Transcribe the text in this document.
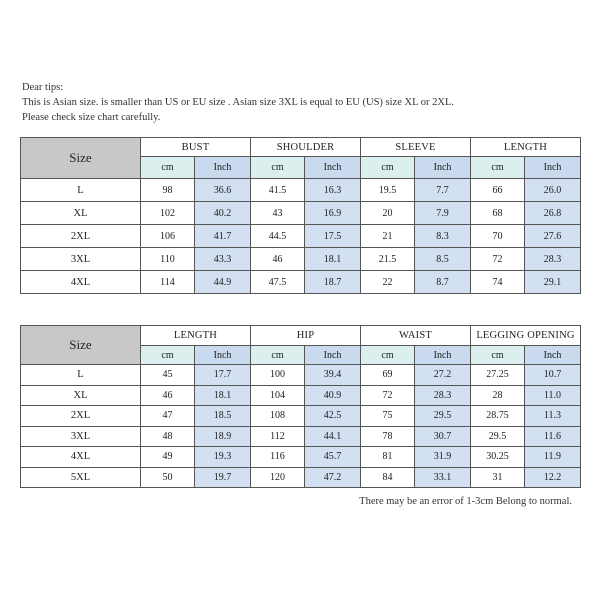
Dear tips:
This is Asian size. is smaller than US or EU size . Asian size 3XL is equal to EU (US) size XL or 2XL.
Please check size chart carefully.
Size	BUST		SHOULDER		SLEEVE		LENGTH	
	cm	Inch	cm	Inch	cm	Inch	cm	Inch
L	98	36.6	41.5	16.3	19.5	7.7	66	26.0
XL	102	40.2	43	16.9	20	7.9	68	26.8
2XL	106	41.7	44.5	17.5	21	8.3	70	27.6
3XL	110	43.3	46	18.1	21.5	8.5	72	28.3
4XL	114	44.9	47.5	18.7	22	8.7	74	29.1
Size	LENGTH		HIP		WAIST		LEGGING OPENING	
	cm	Inch	cm	Inch	cm	Inch	cm	Inch
L	45	17.7	100	39.4	69	27.2	27.25	10.7
XL	46	18.1	104	40.9	72	28.3	28	11.0
2XL	47	18.5	108	42.5	75	29.5	28.75	11.3
3XL	48	18.9	112	44.1	78	30.7	29.5	11.6
4XL	49	19.3	116	45.7	81	31.9	30.25	11.9
5XL	50	19.7	120	47.2	84	33.1	31	12.2
There may be an error of 1-3cm Belong to normal.
